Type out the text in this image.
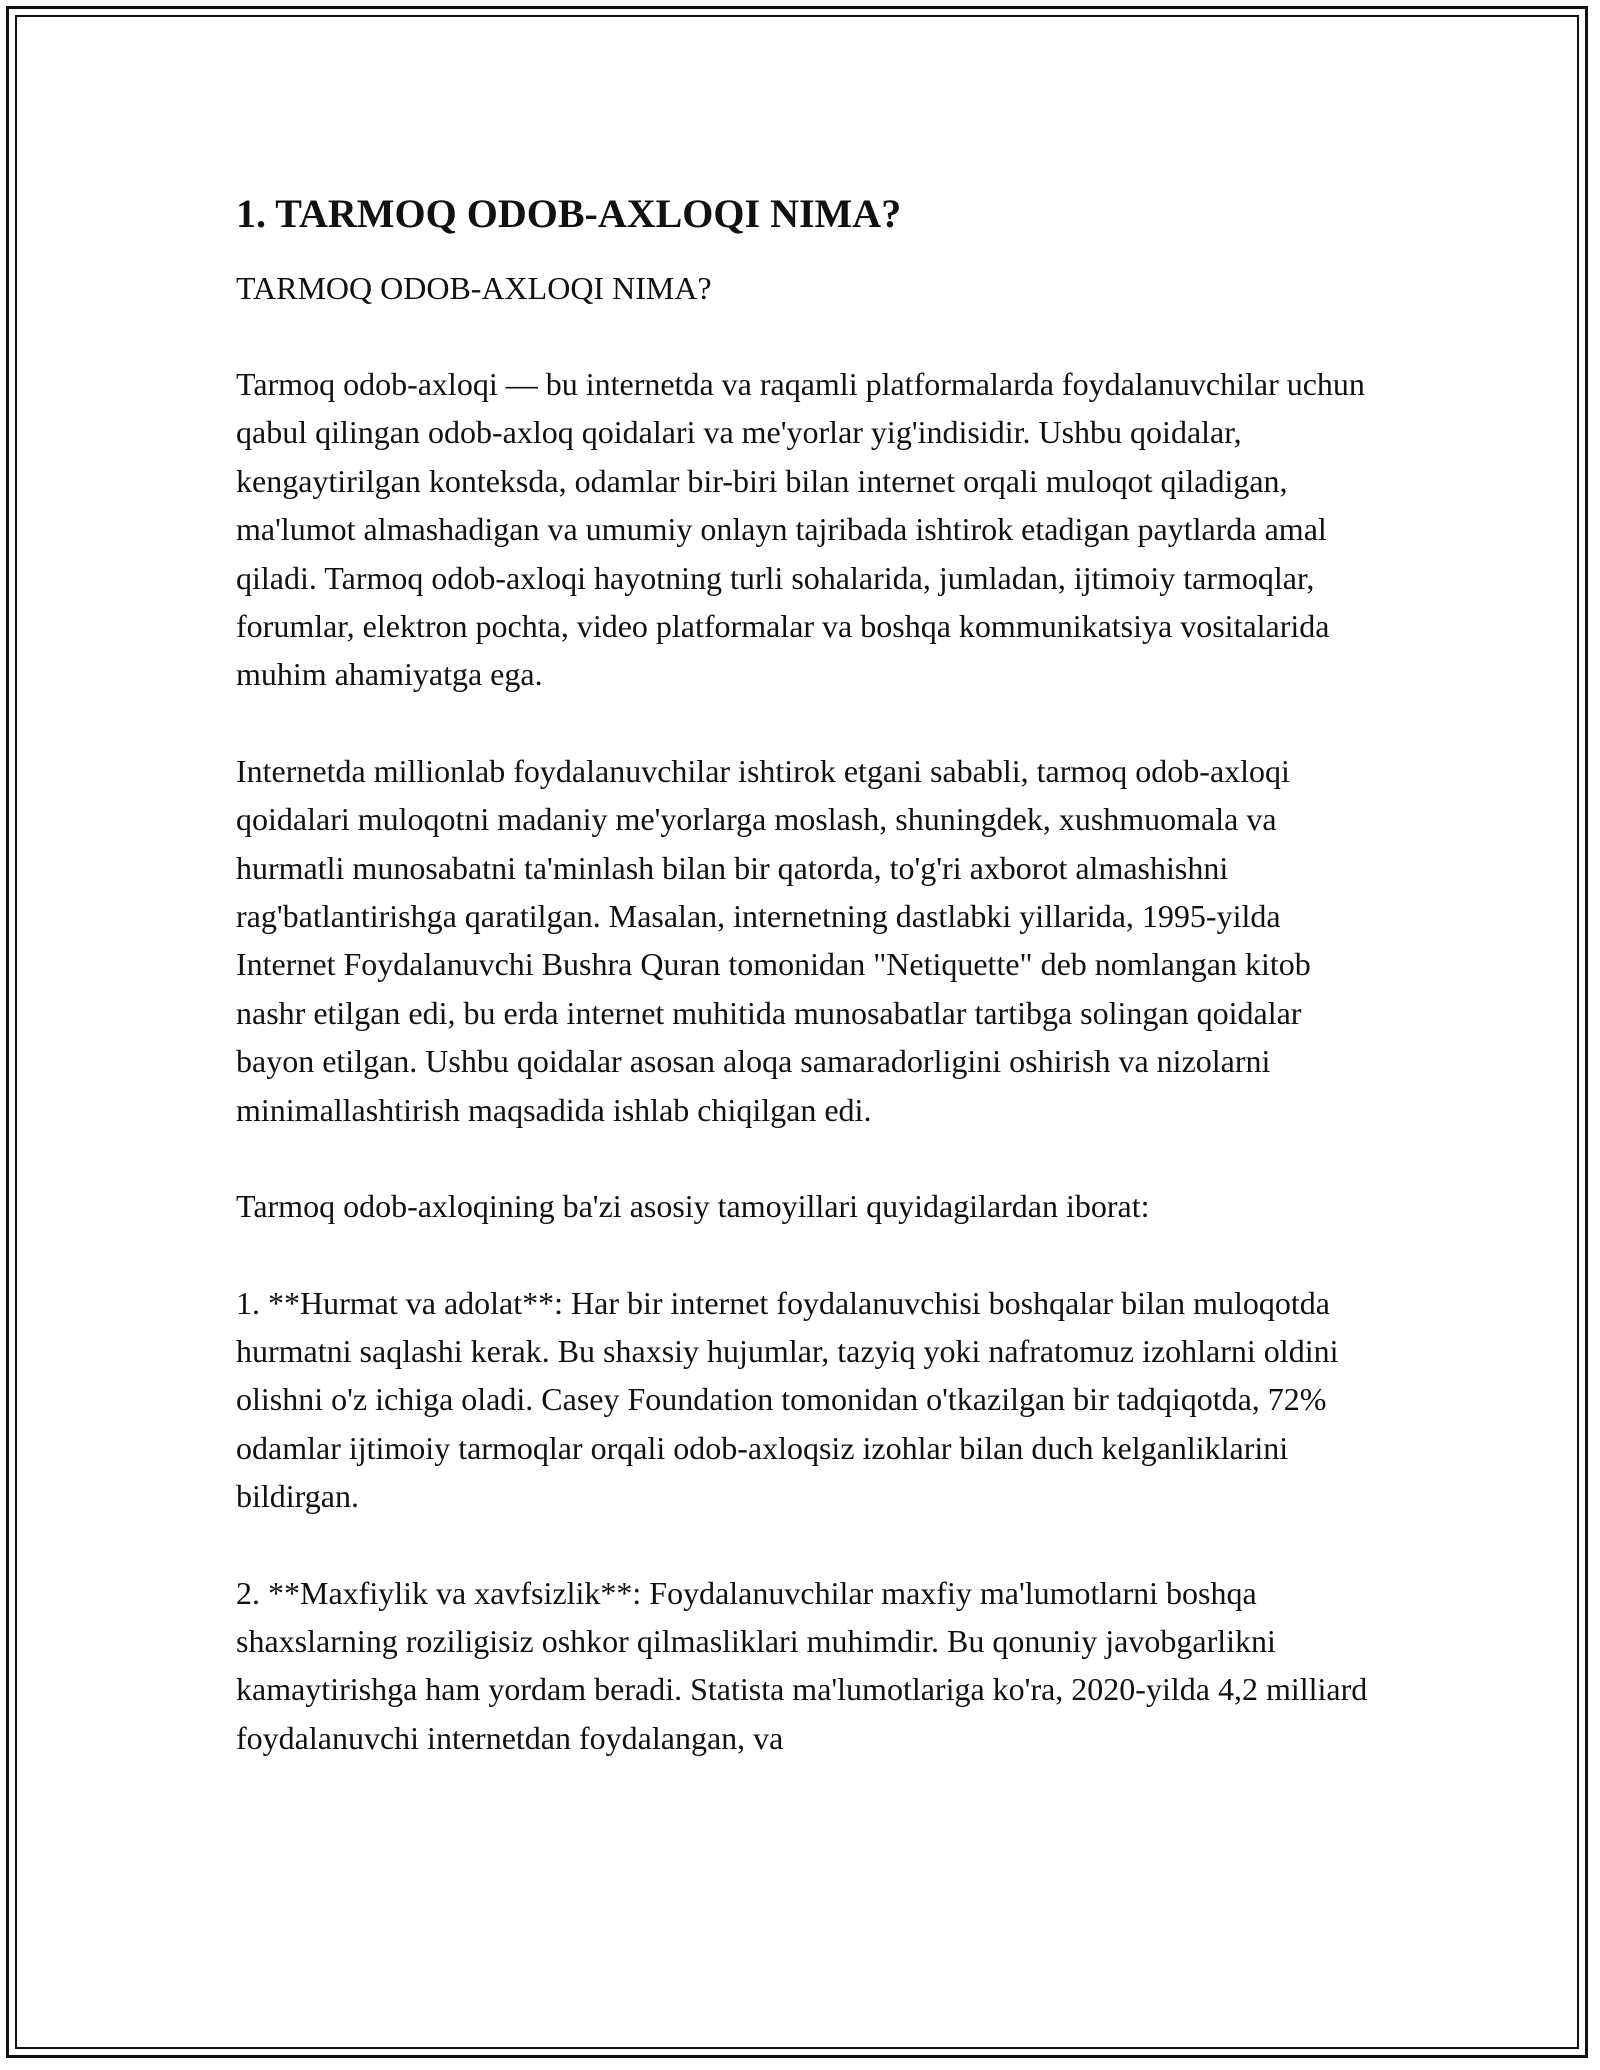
1. TARMOQ ODOB-AXLOQI NIMA?
TARMOQ ODOB-AXLOQI NIMA?

Tarmoq odob-axloqi — bu internetda va raqamli platformalarda foydalanuvchilar uchun qabul qilingan odob-axloq qoidalari va me'yorlar yig'indisidir. Ushbu qoidalar, kengaytirilgan konteksda, odamlar bir-biri bilan internet orqali muloqot qiladigan, ma'lumot almashadigan va umumiy onlayn tajribada ishtirok etadigan paytlarda amal qiladi. Tarmoq odob-axloqi hayotning turli sohalarida, jumladan, ijtimoiy tarmoqlar, forumlar, elektron pochta, video platformalar va boshqa kommunikatsiya vositalarida muhim ahamiyatga ega.

Internetda millionlab foydalanuvchilar ishtirok etgani sababli, tarmoq odob-axloqi qoidalari muloqotni madaniy me'yorlarga moslash, shuningdek, xushmuomala va hurmatli munosabatni ta'minlash bilan bir qatorda, to'g'ri axborot almashishni rag'batlantirishga qaratilgan. Masalan, internetning dastlabki yillarida, 1995-yilda Internet Foydalanuvchi Bushra Quran tomonidan "Netiquette" deb nomlangan kitob nashr etilgan edi, bu erda internet muhitida munosabatlar tartibga solingan qoidalar bayon etilgan. Ushbu qoidalar asosan aloqa samaradorligini oshirish va nizolarni minimallashtirish maqsadida ishlab chiqilgan edi.

Tarmoq odob-axloqining ba'zi asosiy tamoyillari quyidagilardan iborat:

1. **Hurmat va adolat**: Har bir internet foydalanuvchisi boshqalar bilan muloqotda hurmatni saqlashi kerak. Bu shaxsiy hujumlar, tazyiq yoki nafratomuz izohlarni oldini olishni o'z ichiga oladi. Casey Foundation tomonidan o'tkazilgan bir tadqiqotda, 72% odamlar ijtimoiy tarmoqlar orqali odob-axloqsiz izohlar bilan duch kelganliklarini bildirgan.

2. **Maxfiylik va xavfsizlik**: Foydalanuvchilar maxfiy ma'lumotlarni boshqa shaxslarning roziligisiz oshkor qilmasliklari muhimdir. Bu qonuniy javobgarlikni kamaytirishga ham yordam beradi. Statista ma'lumotlariga ko'ra, 2020-yilda 4,2 milliard foydalanuvchi internetdan foydalangan, va
